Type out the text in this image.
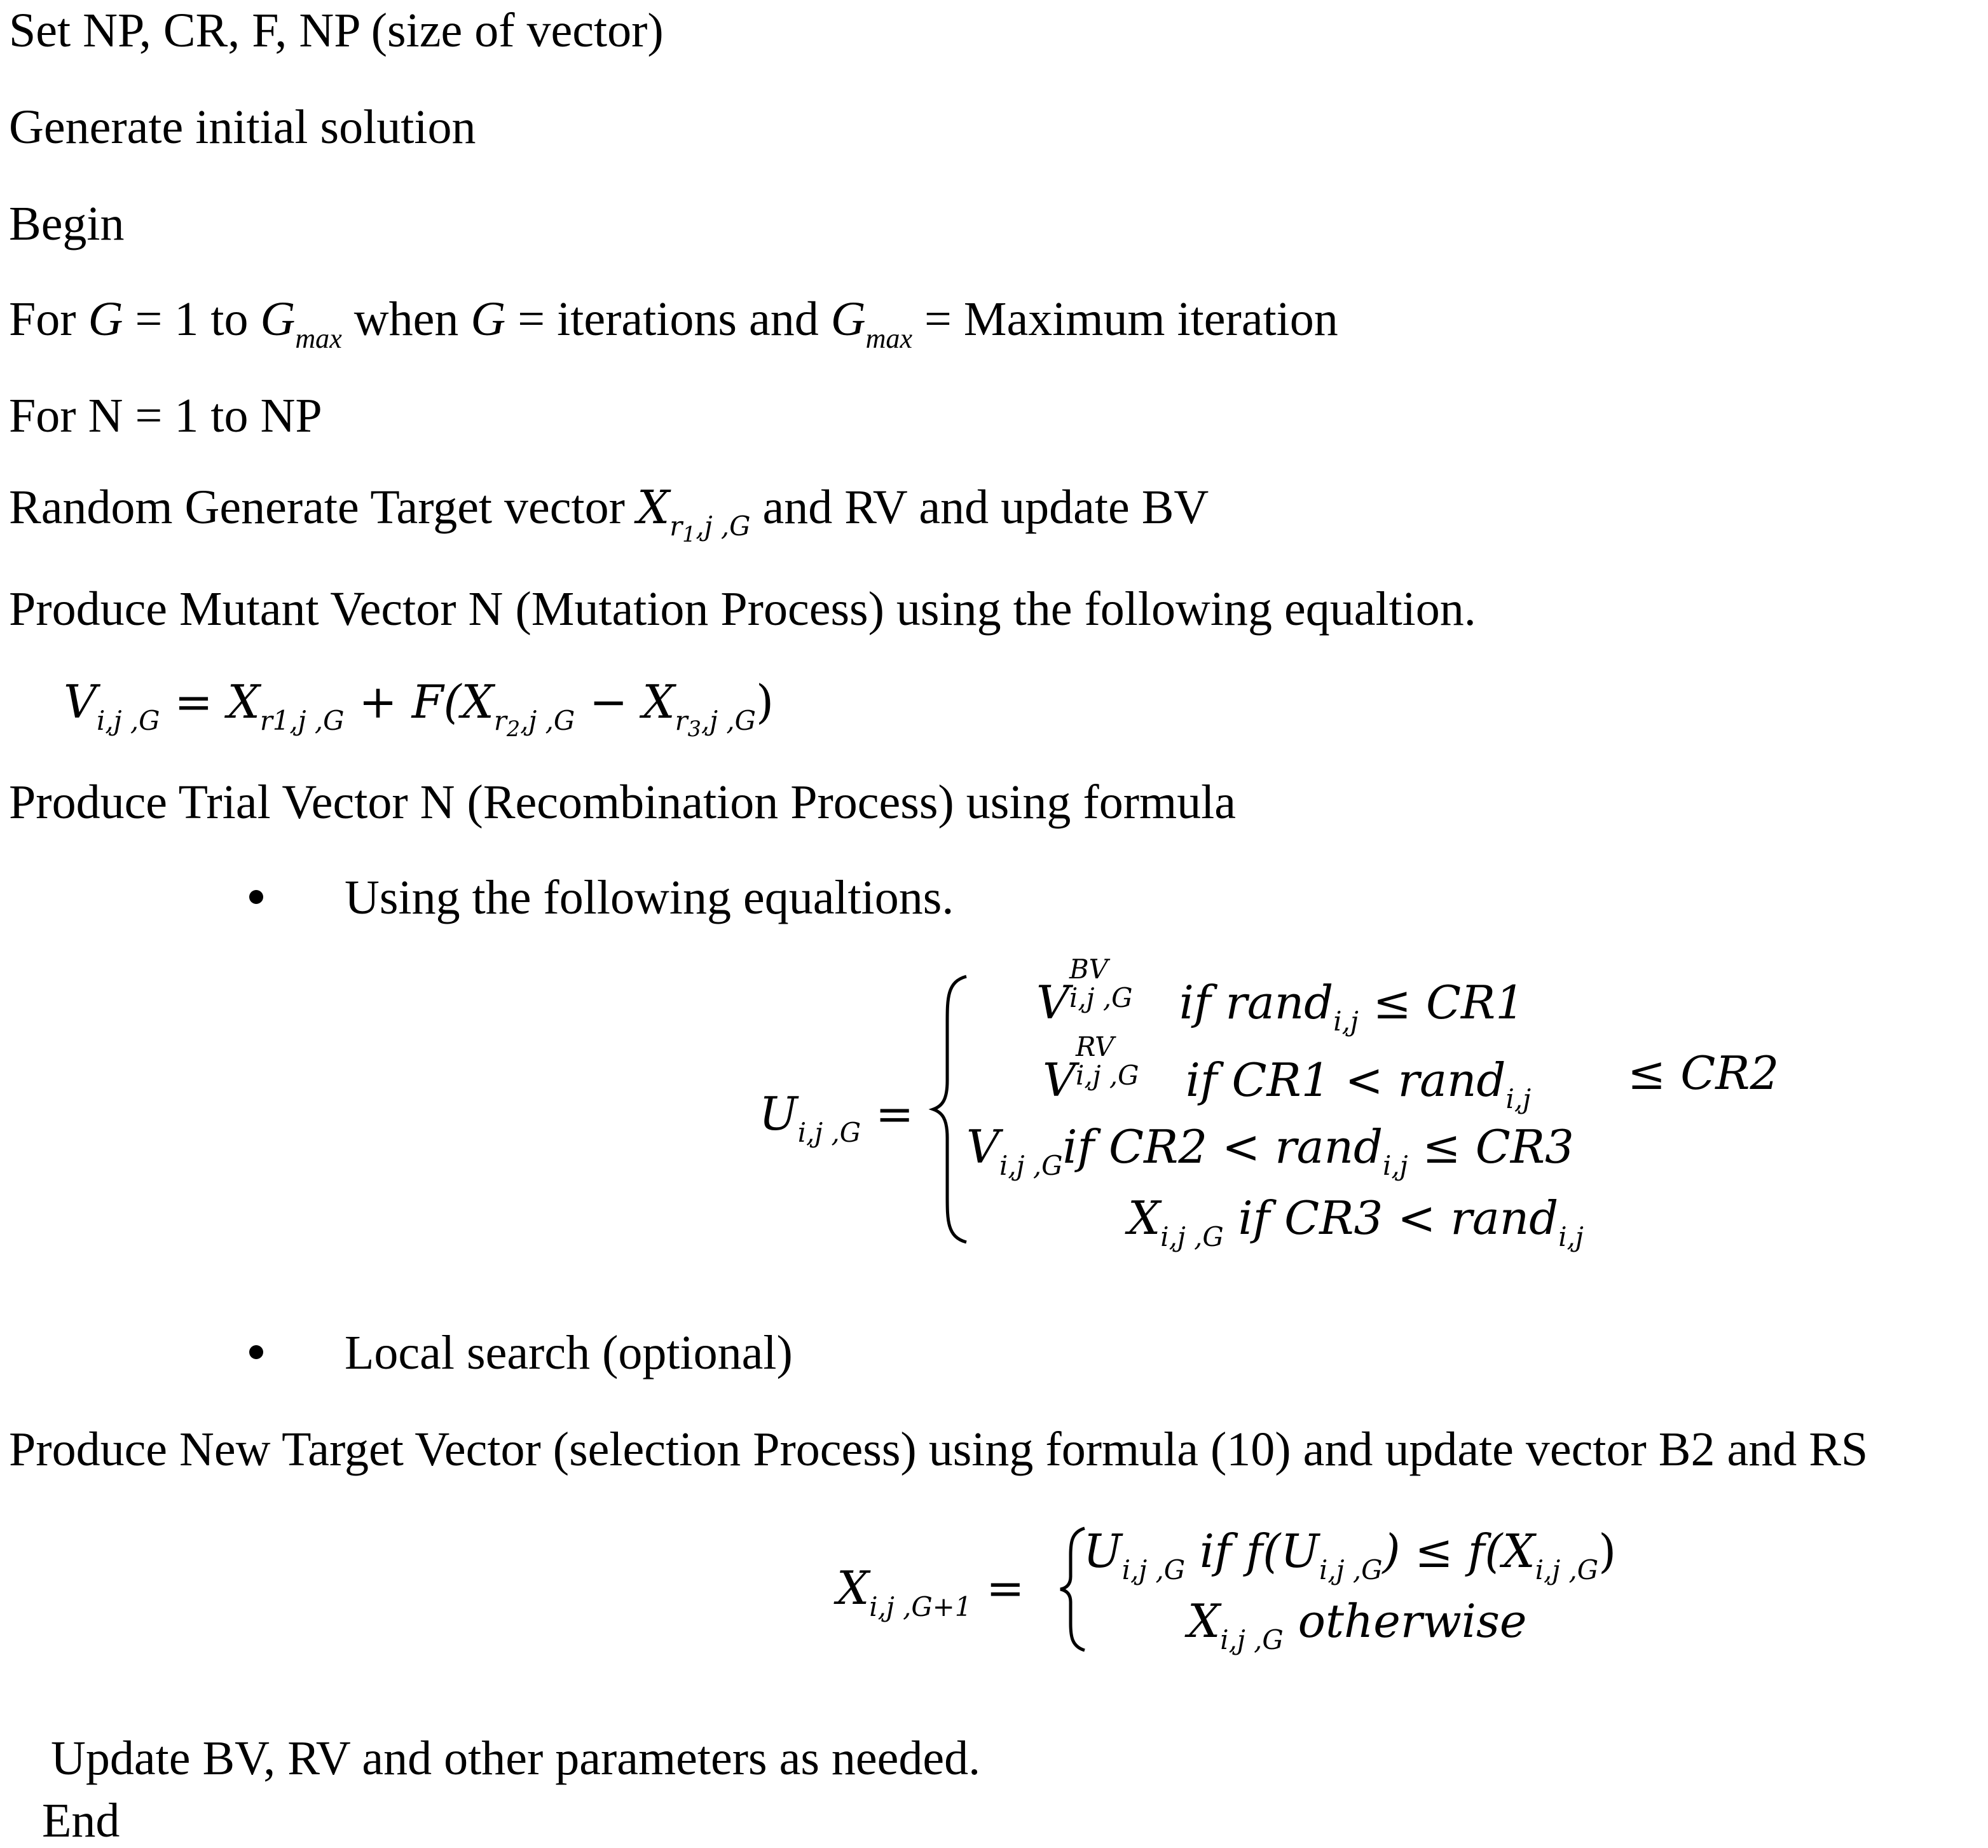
Set NP, CR, F, NP (size of vector)
Generate initial solution
Begin
For G = 1 to $G_{max}$ when G = iterations and $G_{max}$ = Maximum iteration
For N = 1 to NP
Random Generate Target vector $X_{r_1,j ,G}$ and RV and update BV
Produce Mutant Vector N (Mutation Process) using the following equaltion.
$V_{i,j ,G} = X_{r1,j ,G} + F(X_{r_2,j ,G} - X_{r_3,j ,G})$
Produce Trial Vector N (Recombination Process) using formula
Using the following equaltions.
$U_{i,j ,G}$ =
V
BV
i,j ,G if rand$_{i,j}$ ≤ CR1
V
RV
i,j ,G if CR1 < rand$_{i,j}$ ≤ CR2
$V_{i,j ,G}if$ CR2 < rand$_{i,j}$ ≤ CR3
$X_{i,j ,G}$ if CR3 < rand$_{i,j}$
Local search (optional)
Produce New Target Vector (selection Process) using formula (10) and update vector B2 and RS
$X_{i,j ,G+1}$ =
$U_{i,j ,G}$ if $f(U_{i,j ,G}) \le f(X_{i,j ,G})$
$X_{i,j ,G}$ otherwise
Update BV, RV and other parameters as needed.
End
